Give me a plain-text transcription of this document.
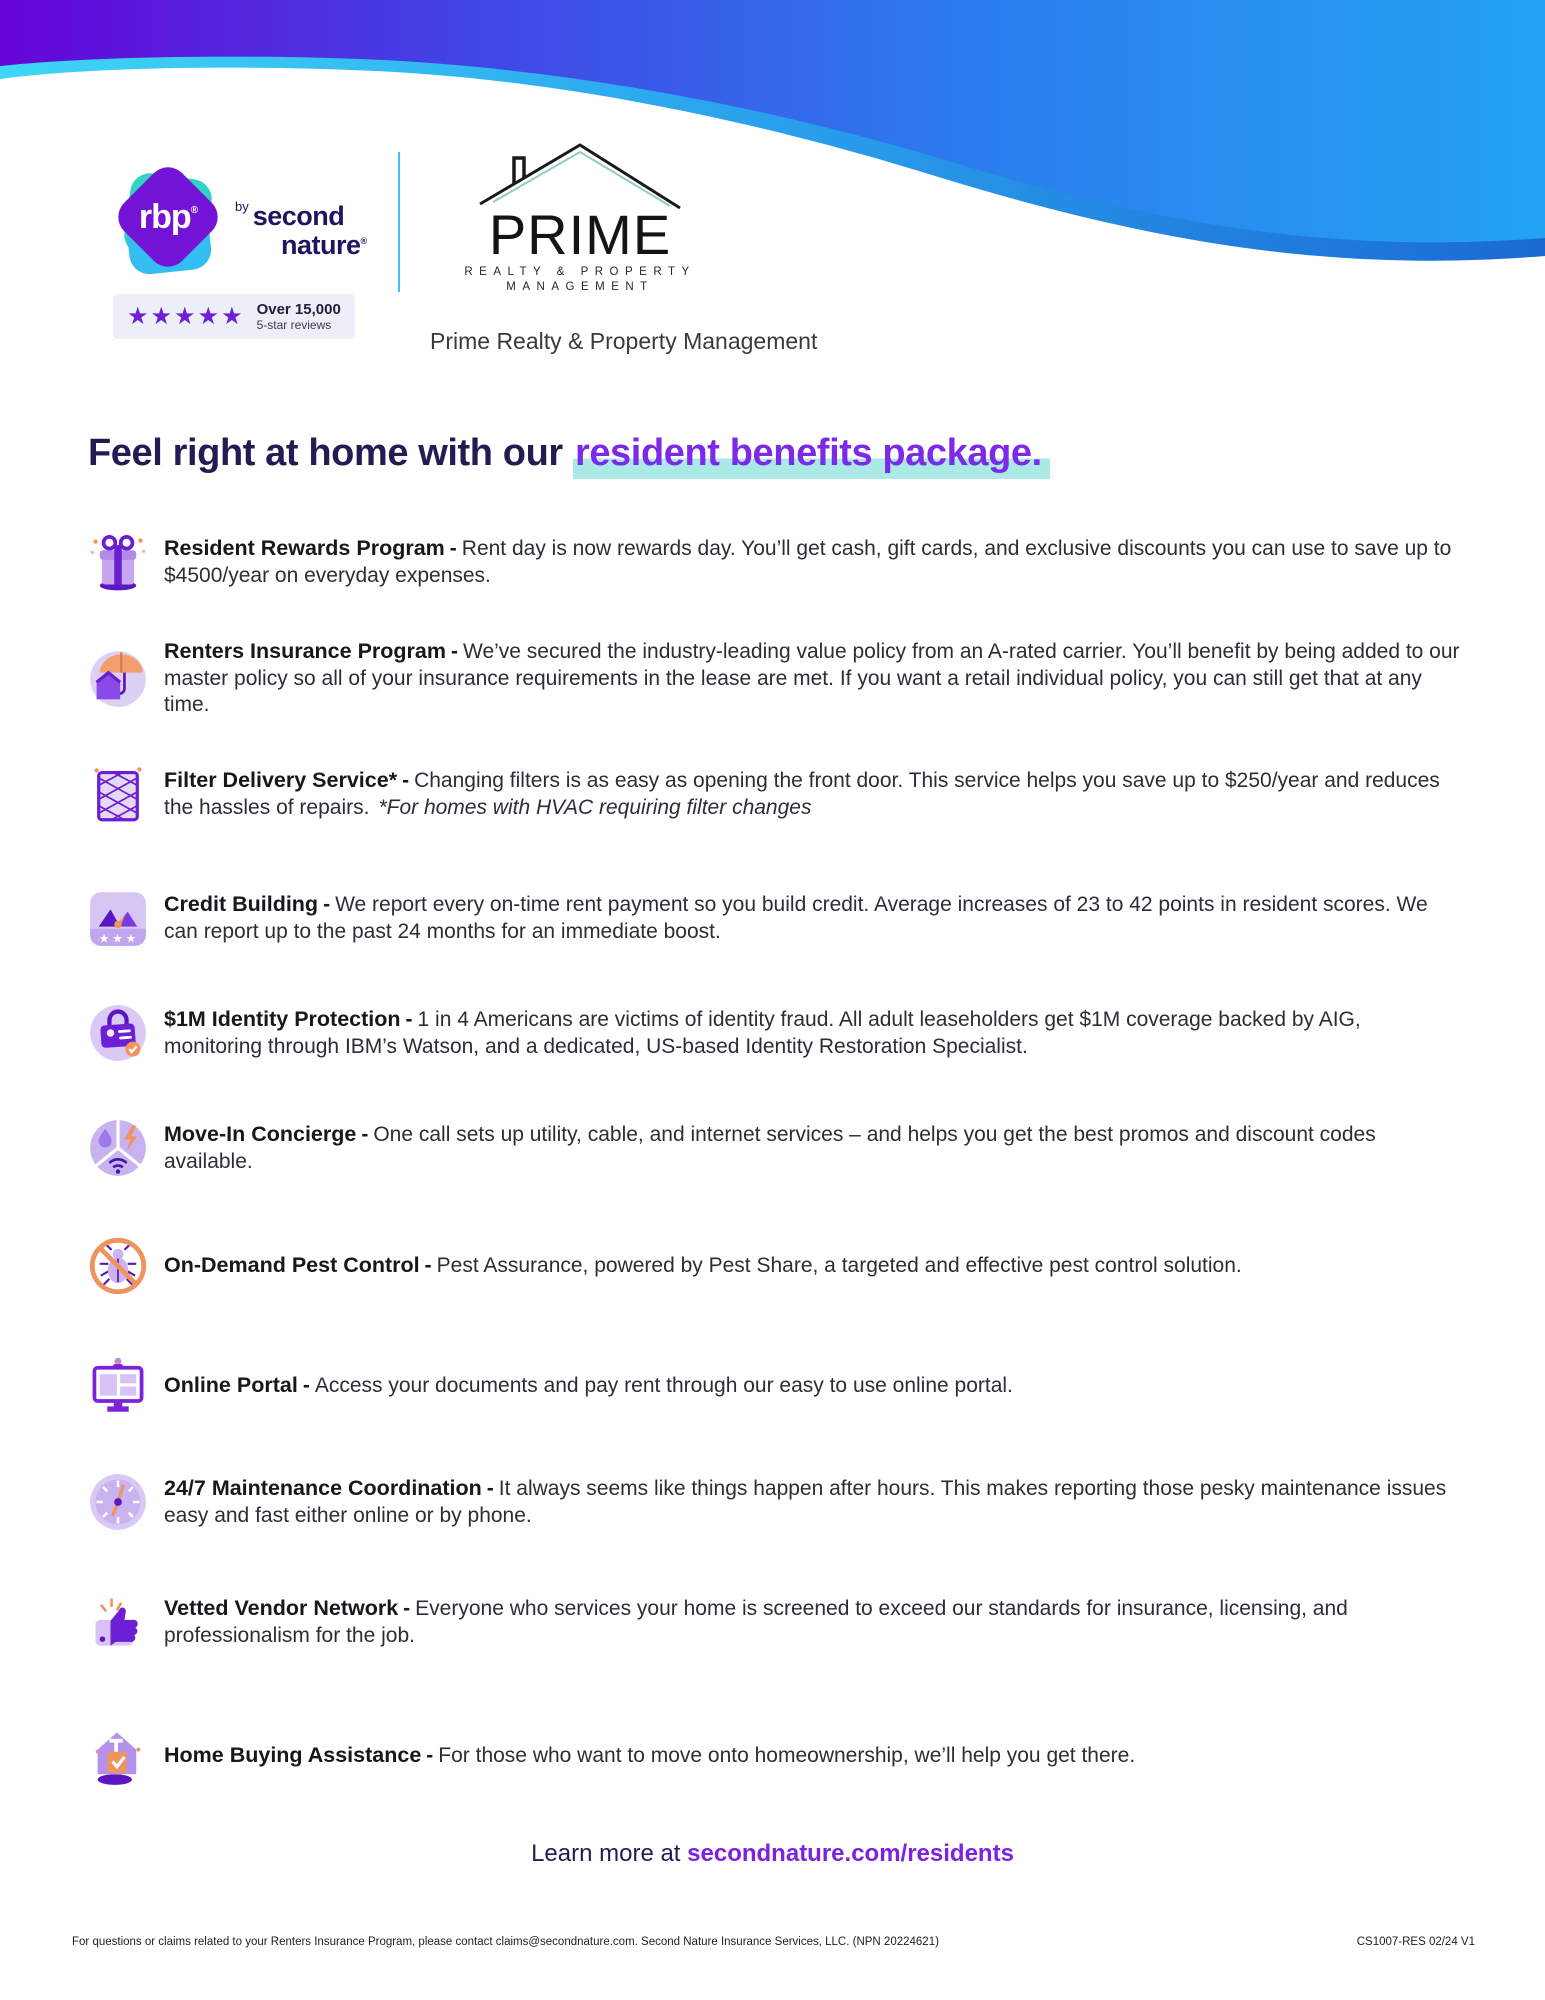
rbp®	$^{by}$ second
nature®
★★★★★ Over 15,000
5-star reviews
PRIME
REALTY & PROPERTY
MANAGEMENT
Prime Realty & Property Management
Feel right at home with our resident benefits package.
Resident Rewards Program - Rent day is now rewards day. You’ll get cash, gift cards, and exclusive discounts you can use to save up to $4500/year on everyday expenses.
Renters Insurance Program - We’ve secured the industry-leading value policy from an A-rated carrier. You’ll benefit by being added to our master policy so all of your insurance requirements in the lease are met. If you want a retail individual policy, you can still get that at any time.
Filter Delivery Service* - Changing filters is as easy as opening the front door. This service helps you save up to $250/year and reduces the hassles of repairs. *For homes with HVAC requiring filter changes
★ ★ ★
Credit Building - We report every on-time rent payment so you build credit. Average increases of 23 to 42 points in resident scores. We can report up to the past 24 months for an immediate boost.
$1M Identity Protection - 1 in 4 Americans are victims of identity fraud. All adult leaseholders get $1M coverage backed by AIG, monitoring through IBM’s Watson, and a dedicated, US-based Identity Restoration Specialist.
Move-In Concierge - One call sets up utility, cable, and internet services – and helps you get the best promos and discount codes available.
On-Demand Pest Control - Pest Assurance, powered by Pest Share, a targeted and effective pest control solution.
Online Portal - Access your documents and pay rent through our easy to use online portal.
24/7 Maintenance Coordination - It always seems like things happen after hours. This makes reporting those pesky maintenance issues easy and fast either online or by phone.
Vetted Vendor Network - Everyone who services your home is screened to exceed our standards for insurance, licensing, and professionalism for the job.
Home Buying Assistance - For those who want to move onto homeownership, we’ll help you get there.
Learn more at secondnature.com/residents
For questions or claims related to your Renters Insurance Program, please contact claims@secondnature.com. Second Nature Insurance Services, LLC. (NPN 20224621)	CS1007-RES 02/24 V1
